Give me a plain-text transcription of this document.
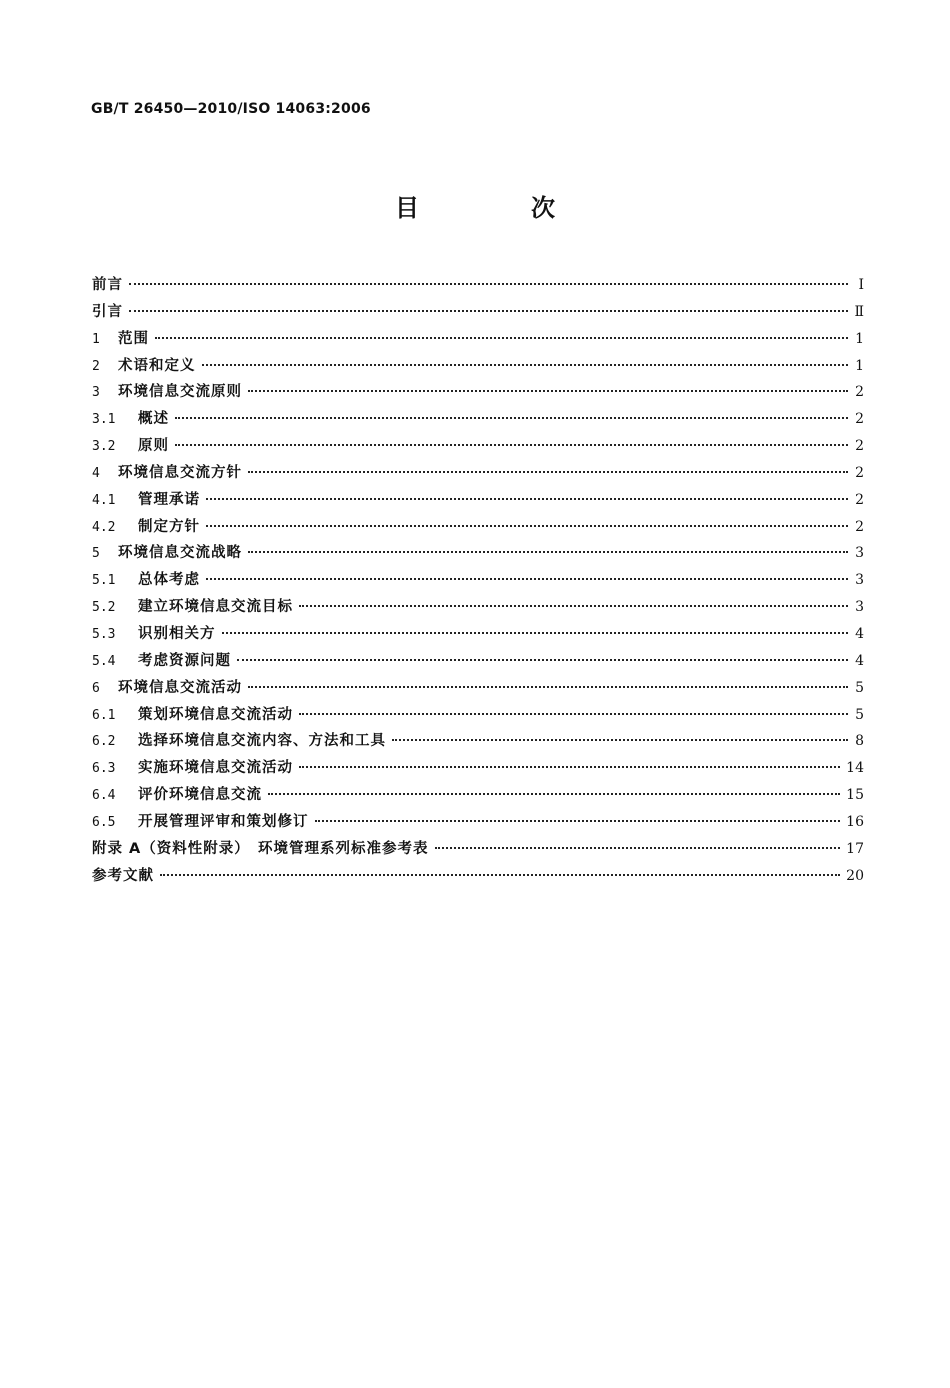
GB/T 26450—2010/ISO 14063:2006
目　次
前言	Ⅰ
引言	Ⅱ
1 范围	1
2 术语和定义	1
3 环境信息交流原则	2
3.1	概述	2
3.2	原则	2
4 环境信息交流方针	2
4.1	管理承诺	2
4.2	制定方针	2
5 环境信息交流战略	3
5.1	总体考虑	3
5.2	建立环境信息交流目标	3
5.3	识别相关方	4
5.4	考虑资源问题	4
6 环境信息交流活动	5
6.1	策划环境信息交流活动	5
6.2	选择环境信息交流内容、方法和工具	8
6.3	实施环境信息交流活动	14
6.4	评价环境信息交流	15
6.5	开展管理评审和策划修订	16
附录 A（资料性附录）　环境管理系列标准参考表	17
参考文献	20
